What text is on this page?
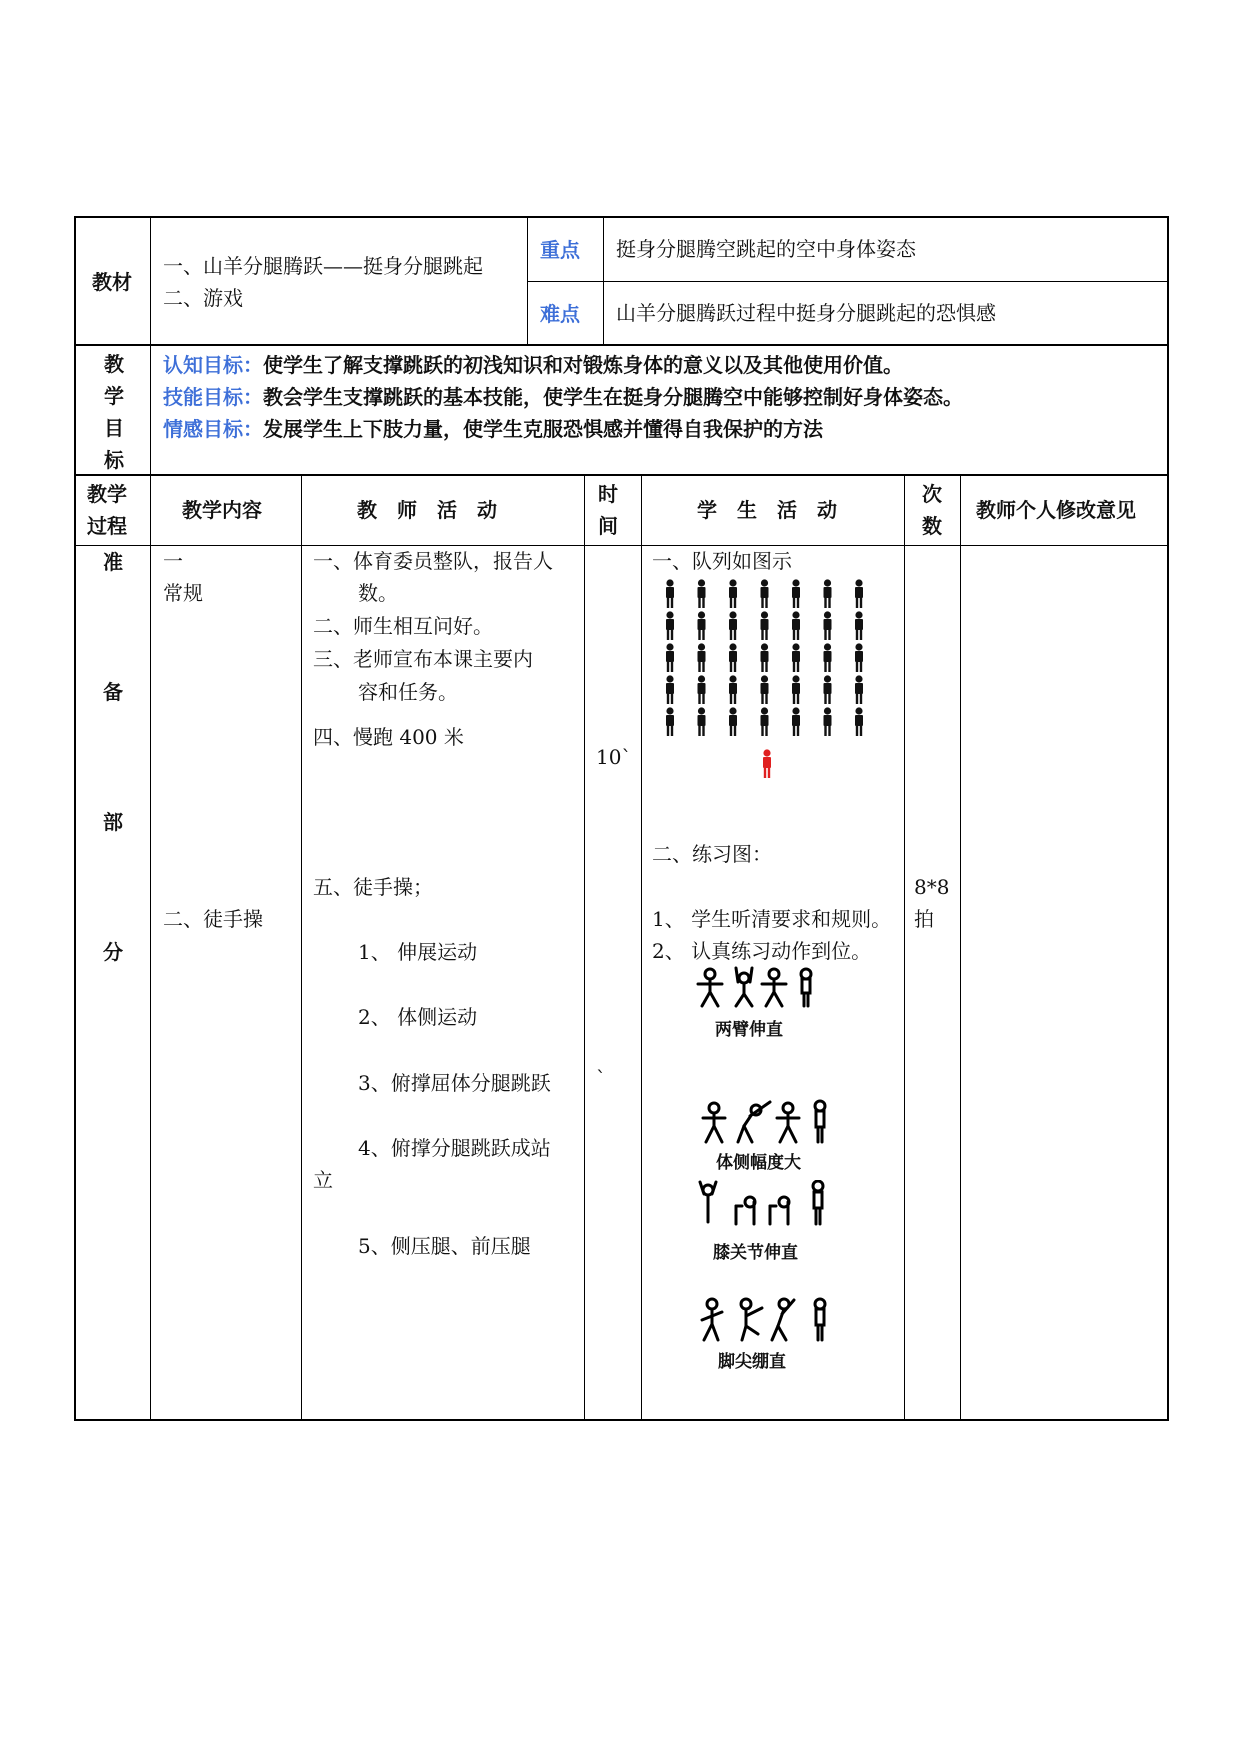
教材
一、山羊分腿腾跃——挺身分腿跳起
二、游戏
重点 挺身分腿腾空跳起的空中身体姿态
难点 山羊分腿腾跃过程中挺身分腿跳起的恐惧感
教
学
目
标
认知目标：使学生了解支撑跳跃的初浅知识和对锻炼身体的意义以及其他使用价值。
技能目标：教会学生支撑跳跃的基本技能，使学生在挺身分腿腾空中能够控制好身体姿态。
情感目标：发展学生上下肢力量，使学生克服恐惧感并懂得自我保护的方法
教学
过程
教学内容	教　师　活　动
时
间
学　生　活　动
次
数
教师个人修改意见
准
备
部
分
一
常规
二、徒手操
一、体育委员整队，报告人
数。
二、师生相互问好。
三、老师宣布本课主要内
容和任务。
四、慢跑 400 米
五、徒手操；
1、 伸展运动
2、 体侧运动
3、俯撑屈体分腿跳跃
4、俯撑分腿跳跃成站
立
5、侧压腿、前压腿
10`
`
一、队列如图示
二、练习图：
1、 学生听清要求和规则。
2、 认真练习动作到位。
两臂伸直
体侧幅度大
膝关节伸直
脚尖绷直
8*8
拍
